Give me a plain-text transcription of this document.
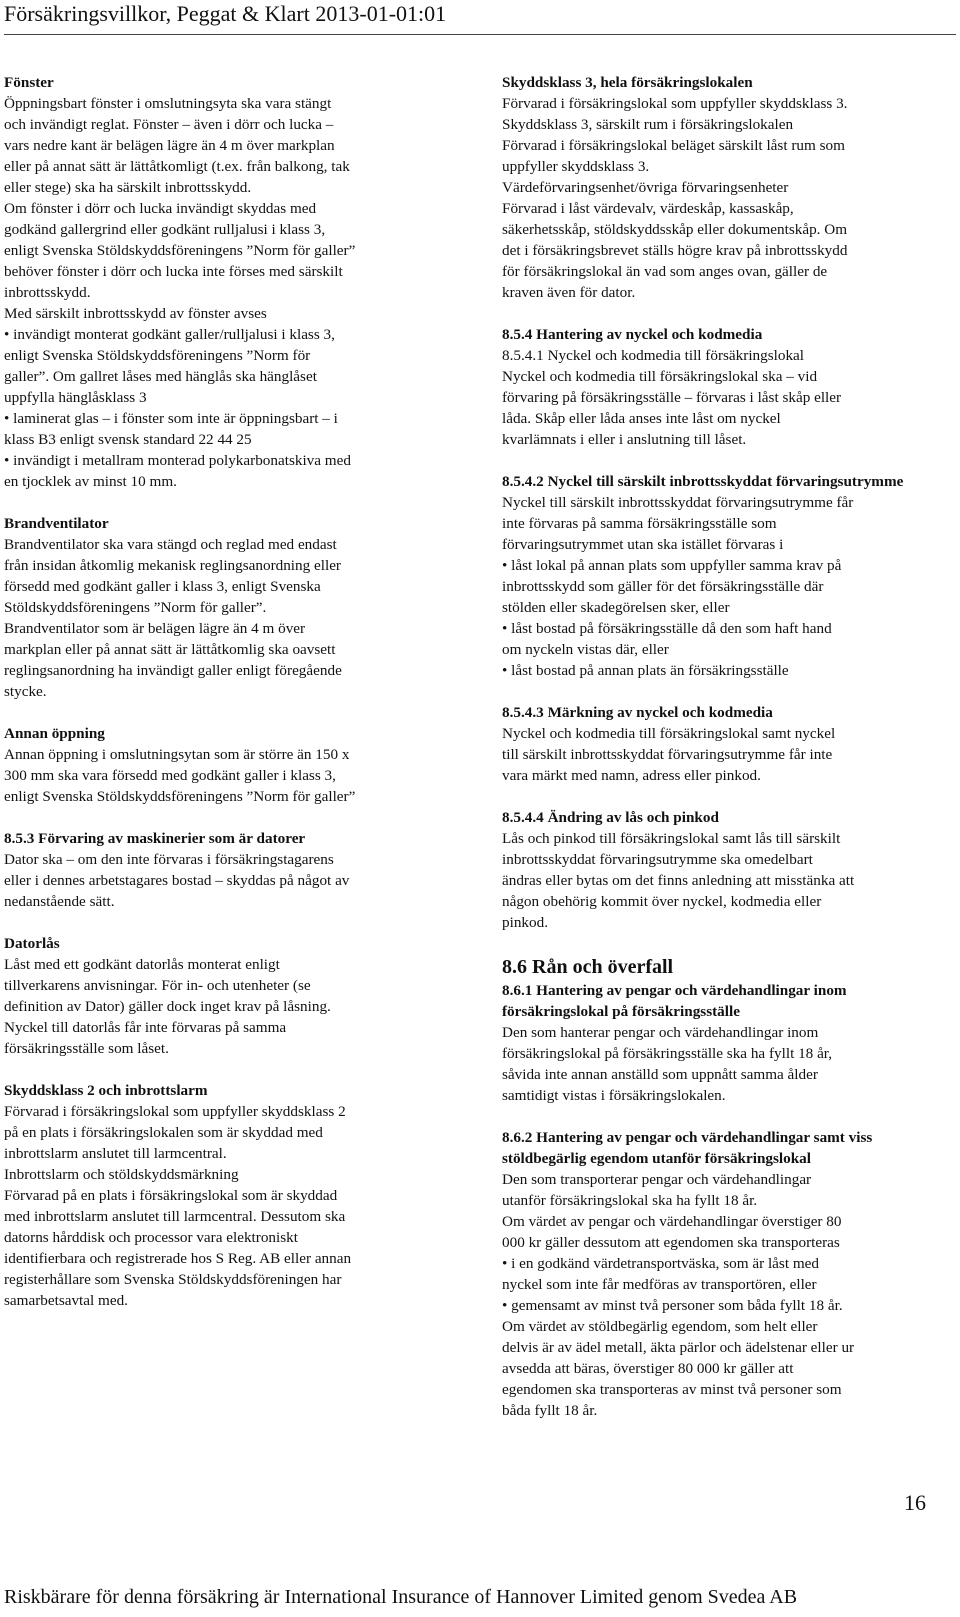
Försäkringsvillkor, Peggat & Klart 2013-01-01:01

Fönster

Öppningsbart fönster i omslutningsyta ska vara stängt

och invändigt reglat. Fönster – även i dörr och lucka –

vars nedre kant är belägen lägre än 4 m över markplan

eller på annat sätt är lättåtkomligt (t.ex. från balkong, tak

eller stege) ska ha särskilt inbrottsskydd.

Om fönster i dörr och lucka invändigt skyddas med

godkänd gallergrind eller godkänt rulljalusi i klass 3,

enligt Svenska Stöldskyddsföreningens ”Norm för galler”

behöver fönster i dörr och lucka inte förses med särskilt

inbrottsskydd.

Med särskilt inbrottsskydd av fönster avses

• invändigt monterat godkänt galler/rulljalusi i klass 3,

enligt Svenska Stöldskyddsföreningens ”Norm för

galler”. Om gallret låses med hänglås ska hänglåset

uppfylla hänglåsklass 3

• laminerat glas – i fönster som inte är öppningsbart – i

klass B3 enligt svensk standard 22 44 25

• invändigt i metallram monterad polykarbonatskiva med

en tjocklek av minst 10 mm.

Brandventilator

Brandventilator ska vara stängd och reglad med endast

från insidan åtkomlig mekanisk reglingsanordning eller

försedd med godkänt galler i klass 3, enligt Svenska

Stöldskyddsföreningens ”Norm för galler”.

Brandventilator som är belägen lägre än 4 m över

markplan eller på annat sätt är lättåtkomlig ska oavsett

reglingsanordning ha invändigt galler enligt föregående

stycke.

Annan öppning

Annan öppning i omslutningsytan som är större än 150 x

300 mm ska vara försedd med godkänt galler i klass 3,

enligt Svenska Stöldskyddsföreningens ”Norm för galler”

8.5.3 Förvaring av maskinerier som är datorer

Dator ska – om den inte förvaras i försäkringstagarens

eller i dennes arbetstagares bostad – skyddas på något av

nedanstående sätt.

Datorlås

Låst med ett godkänt datorlås monterat enligt

tillverkarens anvisningar. För in- och utenheter (se

definition av Dator) gäller dock inget krav på låsning.

Nyckel till datorlås får inte förvaras på samma

försäkringsställe som låset.

Skyddsklass 2 och inbrottslarm

Förvarad i försäkringslokal som uppfyller skyddsklass 2

på en plats i försäkringslokalen som är skyddad med

inbrottslarm anslutet till larmcentral.

Inbrottslarm och stöldskyddsmärkning

Förvarad på en plats i försäkringslokal som är skyddad

med inbrottslarm anslutet till larmcentral. Dessutom ska

datorns hårddisk och processor vara elektroniskt

identifierbara och registrerade hos S Reg. AB eller annan

registerhållare som Svenska Stöldskyddsföreningen har

samarbetsavtal med.

Skyddsklass 3, hela försäkringslokalen

Förvarad i försäkringslokal som uppfyller skyddsklass 3.

Skyddsklass 3, särskilt rum i försäkringslokalen

Förvarad i försäkringslokal beläget särskilt låst rum som

uppfyller skyddsklass 3.

Värdeförvaringsenhet/övriga förvaringsenheter

Förvarad i låst värdevalv, värdeskåp, kassaskåp,

säkerhetsskåp, stöldskyddsskåp eller dokumentskåp. Om

det i försäkringsbrevet ställs högre krav på inbrottsskydd

för försäkringslokal än vad som anges ovan, gäller de

kraven även för dator.

8.5.4 Hantering av nyckel och kodmedia

8.5.4.1 Nyckel och kodmedia till försäkringslokal

Nyckel och kodmedia till försäkringslokal ska – vid

förvaring på försäkringsställe – förvaras i låst skåp eller

låda. Skåp eller låda anses inte låst om nyckel

kvarlämnats i eller i anslutning till låset.

8.5.4.2 Nyckel till särskilt inbrottsskyddat förvaringsutrymme

Nyckel till särskilt inbrottsskyddat förvaringsutrymme får

inte förvaras på samma försäkringsställe som

förvaringsutrymmet utan ska istället förvaras i

• låst lokal på annan plats som uppfyller samma krav på

inbrottsskydd som gäller för det försäkringsställe där

stölden eller skadegörelsen sker, eller

• låst bostad på försäkringsställe då den som haft hand

om nyckeln vistas där, eller

• låst bostad på annan plats än försäkringsställe

8.5.4.3 Märkning av nyckel och kodmedia

Nyckel och kodmedia till försäkringslokal samt nyckel

till särskilt inbrottsskyddat förvaringsutrymme får inte

vara märkt med namn, adress eller pinkod.

8.5.4.4 Ändring av lås och pinkod

Lås och pinkod till försäkringslokal samt lås till särskilt

inbrottsskyddat förvaringsutrymme ska omedelbart

ändras eller bytas om det finns anledning att misstänka att

någon obehörig kommit över nyckel, kodmedia eller

pinkod.

8.6 Rån och överfall

8.6.1 Hantering av pengar och värdehandlingar inom försäkringslokal på försäkringsställe

Den som hanterar pengar och värdehandlingar inom

försäkringslokal på försäkringsställe ska ha fyllt 18 år,

såvida inte annan anställd som uppnått samma ålder

samtidigt vistas i försäkringslokalen.

8.6.2 Hantering av pengar och värdehandlingar samt viss stöldbegärlig egendom utanför försäkringslokal

Den som transporterar pengar och värdehandlingar

utanför försäkringslokal ska ha fyllt 18 år.

Om värdet av pengar och värdehandlingar överstiger 80

000 kr gäller dessutom att egendomen ska transporteras

• i en godkänd värdetransportväska, som är låst med

nyckel som inte får medföras av transportören, eller

• gemensamt av minst två personer som båda fyllt 18 år.

Om värdet av stöldbegärlig egendom, som helt eller

delvis är av ädel metall, äkta pärlor och ädelstenar eller ur

avsedda att bäras, överstiger 80 000 kr gäller att

egendomen ska transporteras av minst två personer som

båda fyllt 18 år.

16
Riskbärare för denna försäkring är International Insurance of Hannover Limited genom Svedea AB
